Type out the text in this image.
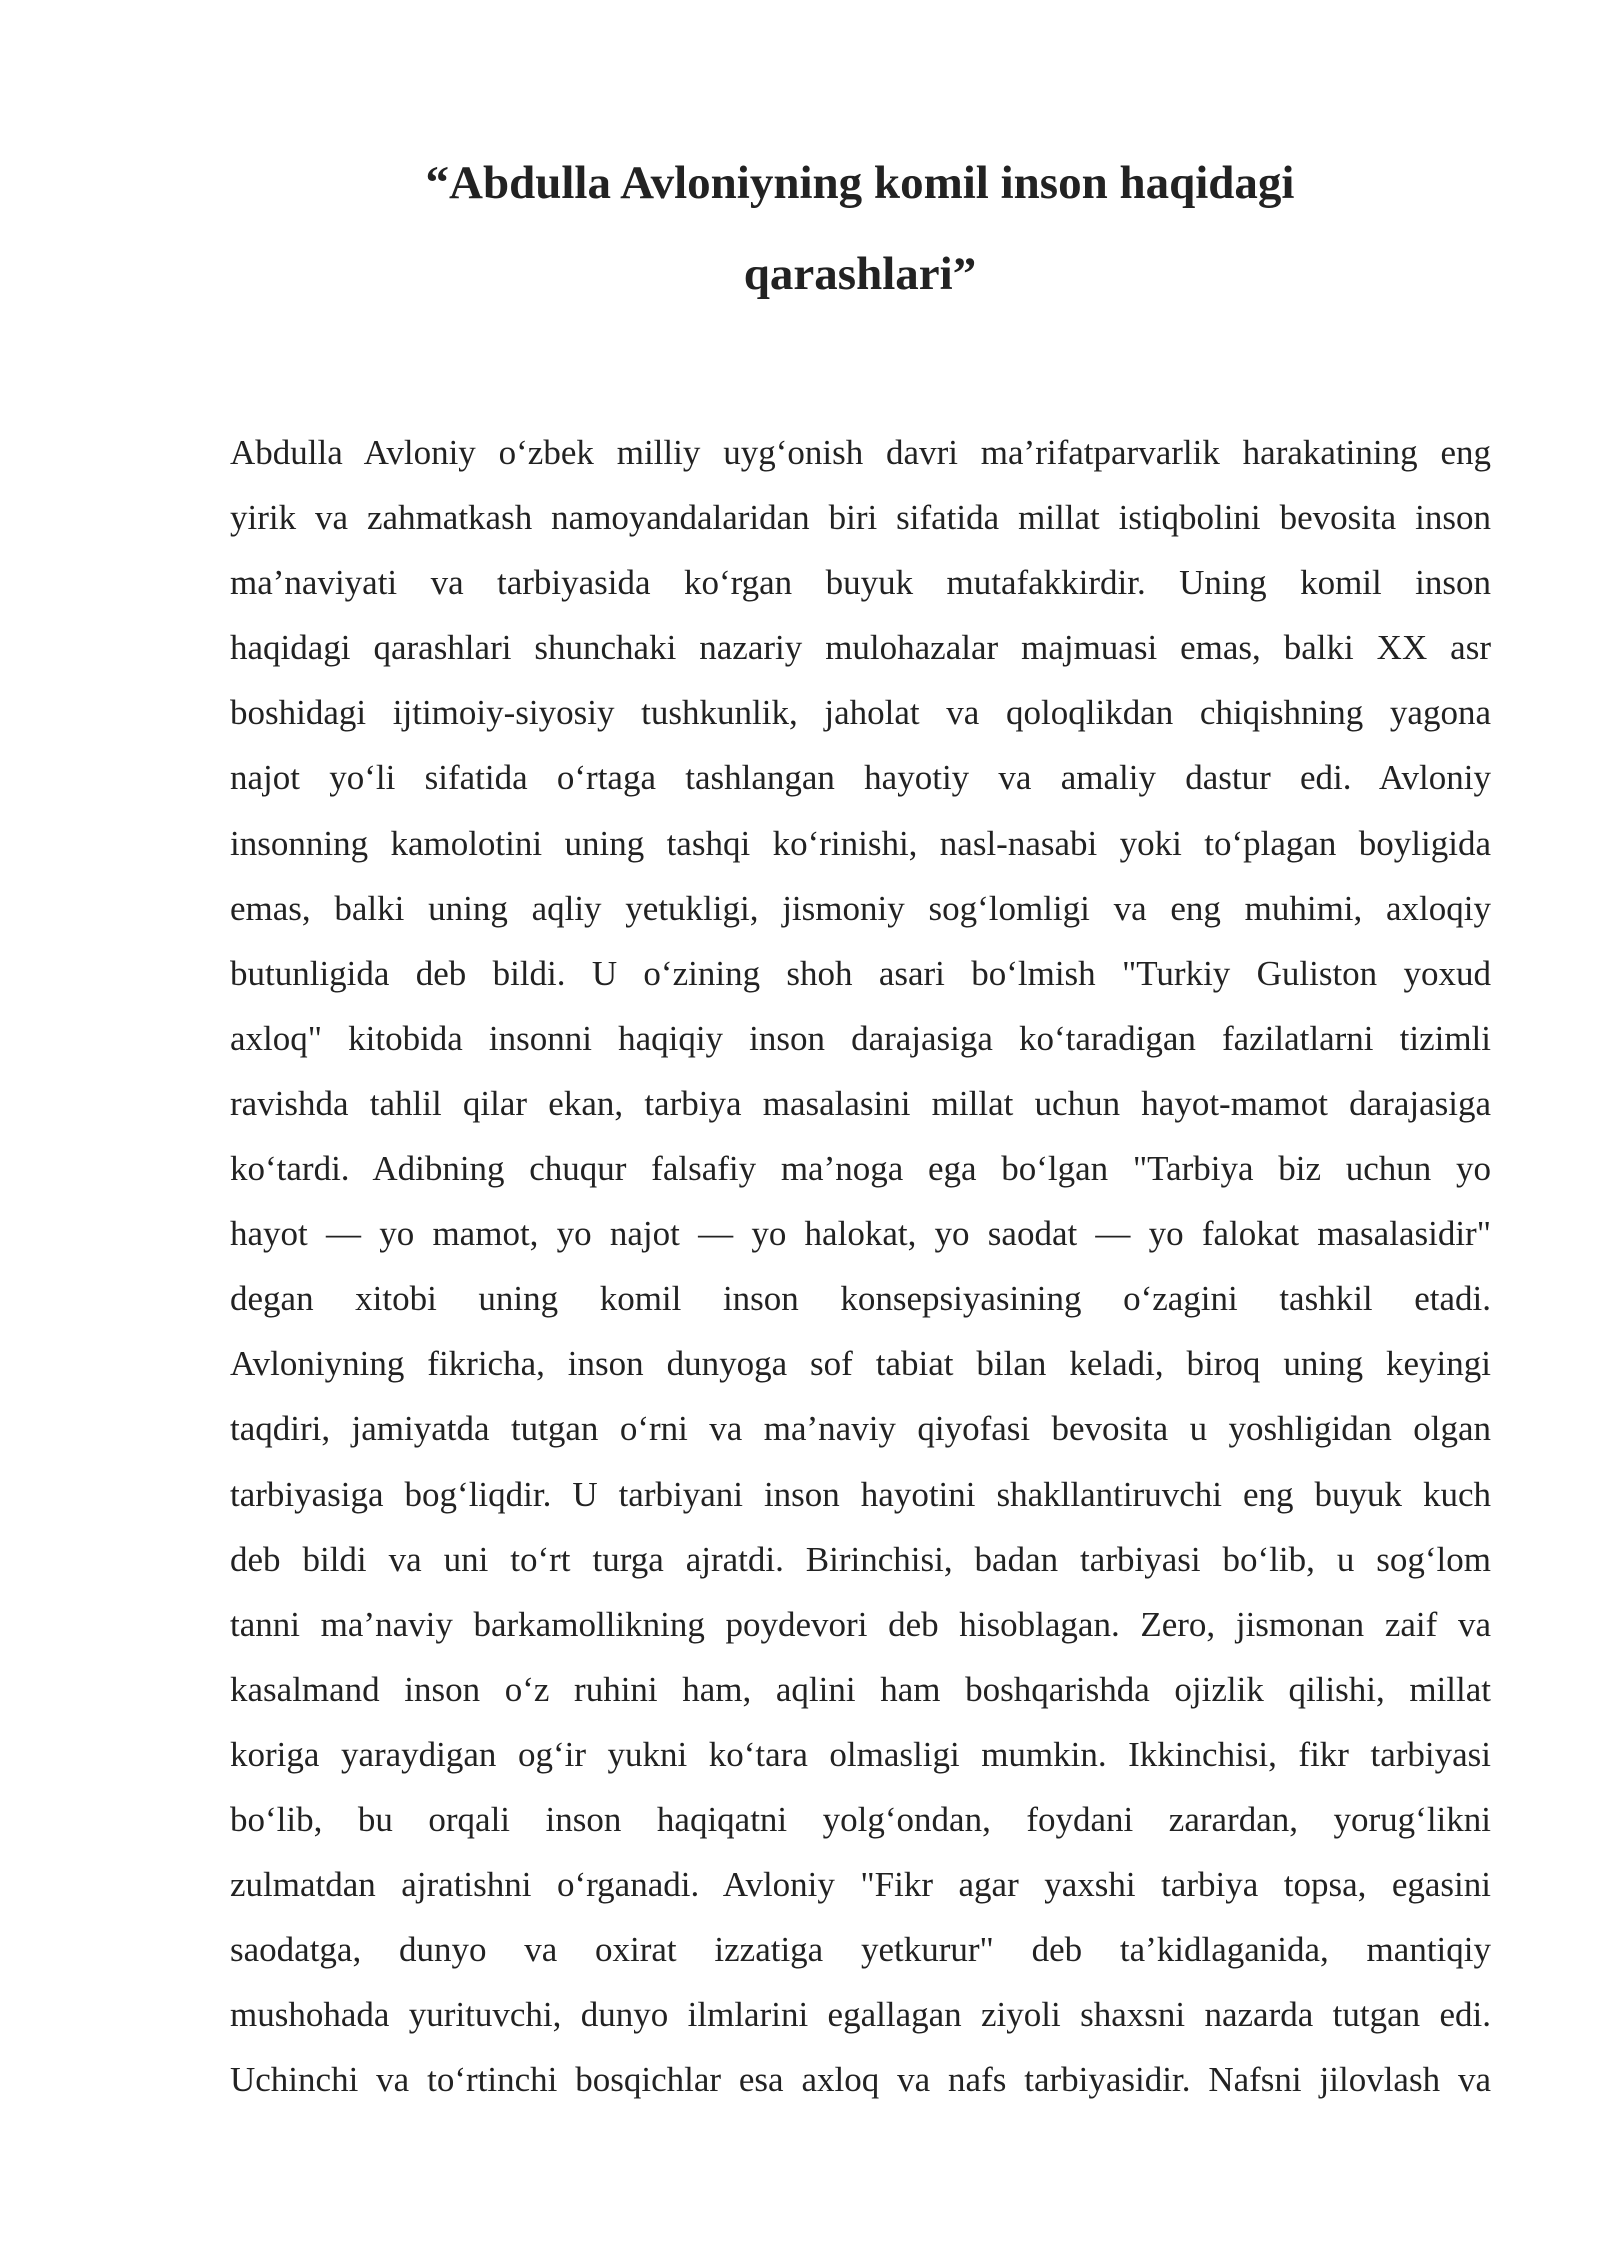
“Abdulla Avloniyning komil inson haqidagi
qarashlari”
Abdulla Avloniy o‘zbek milliy uyg‘onish davri ma’rifatparvarlik harakatining eng
yirik va zahmatkash namoyandalaridan biri sifatida millat istiqbolini bevosita inson
ma’naviyati va tarbiyasida ko‘rgan buyuk mutafakkirdir. Uning komil inson
haqidagi qarashlari shunchaki nazariy mulohazalar majmuasi emas, balki XX asr
boshidagi ijtimoiy-siyosiy tushkunlik, jaholat va qoloqlikdan chiqishning yagona
najot yo‘li sifatida o‘rtaga tashlangan hayotiy va amaliy dastur edi. Avloniy
insonning kamolotini uning tashqi ko‘rinishi, nasl-nasabi yoki to‘plagan boyligida
emas, balki uning aqliy yetukligi, jismoniy sog‘lomligi va eng muhimi, axloqiy
butunligida deb bildi. U o‘zining shoh asari bo‘lmish "Turkiy Guliston yoxud
axloq" kitobida insonni haqiqiy inson darajasiga ko‘taradigan fazilatlarni tizimli
ravishda tahlil qilar ekan, tarbiya masalasini millat uchun hayot-mamot darajasiga
ko‘tardi. Adibning chuqur falsafiy ma’noga ega bo‘lgan "Tarbiya biz uchun yo
hayot — yo mamot, yo najot — yo halokat, yo saodat — yo falokat masalasidir"
degan xitobi uning komil inson konsepsiyasining o‘zagini tashkil etadi.
Avloniyning fikricha, inson dunyoga sof tabiat bilan keladi, biroq uning keyingi
taqdiri, jamiyatda tutgan o‘rni va ma’naviy qiyofasi bevosita u yoshligidan olgan
tarbiyasiga bog‘liqdir. U tarbiyani inson hayotini shakllantiruvchi eng buyuk kuch
deb bildi va uni to‘rt turga ajratdi. Birinchisi, badan tarbiyasi bo‘lib, u sog‘lom
tanni ma’naviy barkamollikning poydevori deb hisoblagan. Zero, jismonan zaif va
kasalmand inson o‘z ruhini ham, aqlini ham boshqarishda ojizlik qilishi, millat
koriga yaraydigan og‘ir yukni ko‘tara olmasligi mumkin. Ikkinchisi, fikr tarbiyasi
bo‘lib, bu orqali inson haqiqatni yolg‘ondan, foydani zarardan, yorug‘likni
zulmatdan ajratishni o‘rganadi. Avloniy "Fikr agar yaxshi tarbiya topsa, egasini
saodatga, dunyo va oxirat izzatiga yetkurur" deb ta’kidlaganida, mantiqiy
mushohada yurituvchi, dunyo ilmlarini egallagan ziyoli shaxsni nazarda tutgan edi.
Uchinchi va to‘rtinchi bosqichlar esa axloq va nafs tarbiyasidir. Nafsni jilovlash va
